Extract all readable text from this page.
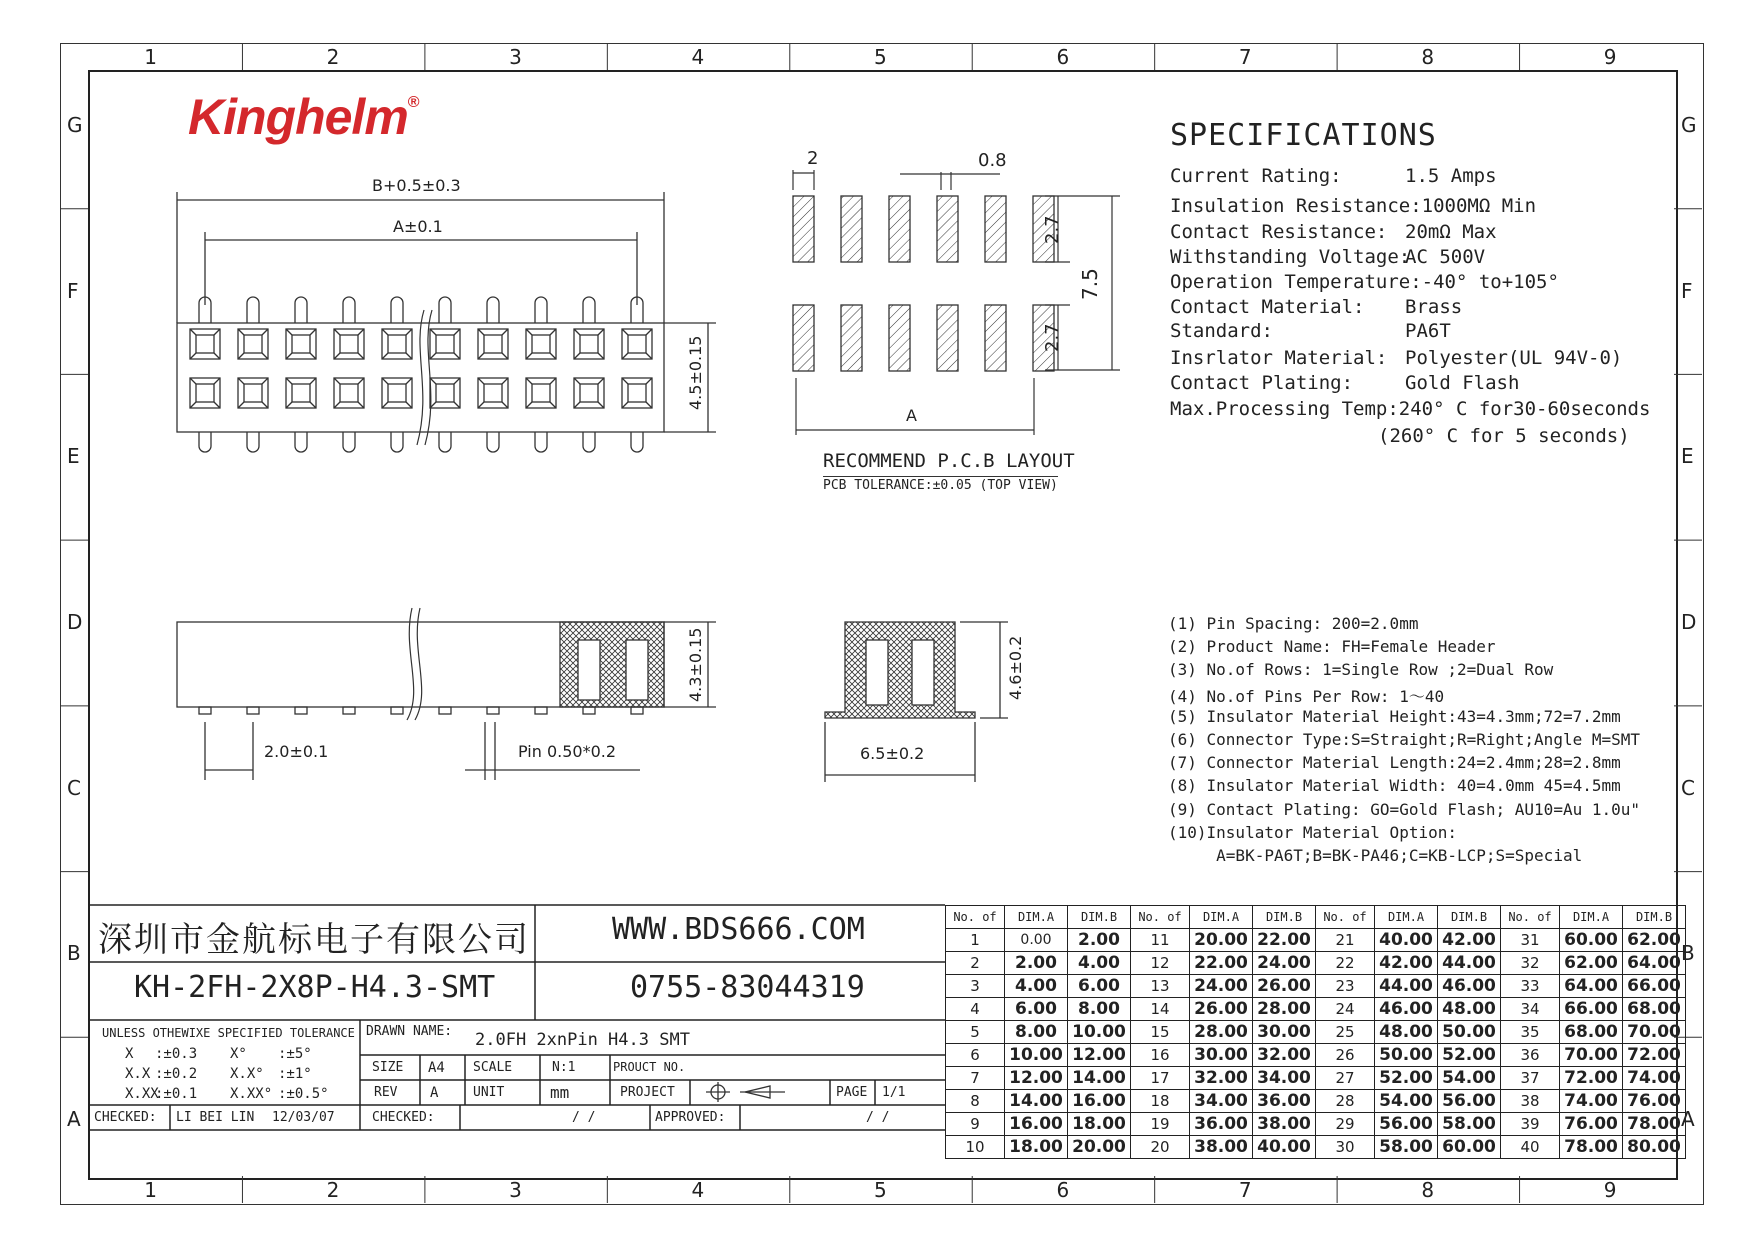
1
1
2
2
3
3
4
4
5
5
6
6
7
7
8
8
9
9
G	G
F	F
E	E
D	D
C	C
B	B
A	A
Kinghelm®
SPECIFICATIONS
Current Rating:	1.5 Amps
Insulation Resistance:1000MΩ Min
Contact Resistance: 20mΩ Max
Withstanding Voltage:
AC 500V
Operation Temperature:-40° to+105°
Contact Material: Brass
Standard:	PA6T
Insrlator Material: Polyester(UL 94V-0)
Contact Plating:	Gold Flash
Max.Processing Temp:240° C for30-60seconds
(260° C for 5 seconds)
(1) Pin Spacing: 200=2.0mm
(2) Product Name: FH=Female Header
(3) No.of Rows: 1=Single Row ;2=Dual Row
(4) No.of Pins Per Row: 1～40
(5) Insulator Material Height:43=4.3mm;72=7.2mm
(6) Connector Type:S=Straight;R=Right;Angle M=SMT
(7) Connector Material Length:24=2.4mm;28=2.8mm
(8) Insulator Material Width: 40=4.0mm 45=4.5mm
(9) Contact Plating: GO=Gold Flash; AU10=Au 1.0u"
(10)Insulator Material Option:
A=BK-PA6T;B=BK-PA46;C=KB-LCP;S=Special
B+0.5±0.3
A±0.1
4.5±0.15
2	0.8
2.7
2.7
7.5
A
RECOMMEND P.C.B LAYOUT
PCB TOLERANCE:±0.05 (TOP VIEW)
4.3±0.15
2.0±0.1	Pin 0.50*0.2
4.6±0.2
6.5±0.2
深圳市金航标电子有限公司	WWW.BDS666.COM
KH-2FH-2X8P-H4.3-SMT	0755-83044319
UNLESS OTHEWIXE SPECIFIED TOLERANCE
X :±0.3 X° :±5°
X.X :±0.2 X.X° :±1°
X.XX
:±0.1 X.XX° :±0.5°
DRAWN NAME: 2.0FH 2xnPin H4.3 SMT
SIZE A4 SCALE	N:1	PROUCT NO.
REV A	UNIT	mm	PROJECT	PAGE 1/1
CHECKED: LI BEI LIN 12/03/07	CHECKED:	/ /	APPROVED:	/ /
No. of	DIM.A	DIM.B	No. of	DIM.A	DIM.B	No. of	DIM.A	DIM.B	No. of	DIM.A	DIM.B
1	0.00	2.00	11	20.00	22.00	21	40.00	42.00	31	60.00	62.00
2	2.00	4.00	12	22.00	24.00	22	42.00	44.00	32	62.00	64.00
3	4.00	6.00	13	24.00	26.00	23	44.00	46.00	33	64.00	66.00
4	6.00	8.00	14	26.00	28.00	24	46.00	48.00	34	66.00	68.00
5	8.00	10.00	15	28.00	30.00	25	48.00	50.00	35	68.00	70.00
6	10.00	12.00	16	30.00	32.00	26	50.00	52.00	36	70.00	72.00
7	12.00	14.00	17	32.00	34.00	27	52.00	54.00	37	72.00	74.00
8	14.00	16.00	18	34.00	36.00	28	54.00	56.00	38	74.00	76.00
9	16.00	18.00	19	36.00	38.00	29	56.00	58.00	39	76.00	78.00
10	18.00	20.00	20	38.00	40.00	30	58.00	60.00	40	78.00	80.00
